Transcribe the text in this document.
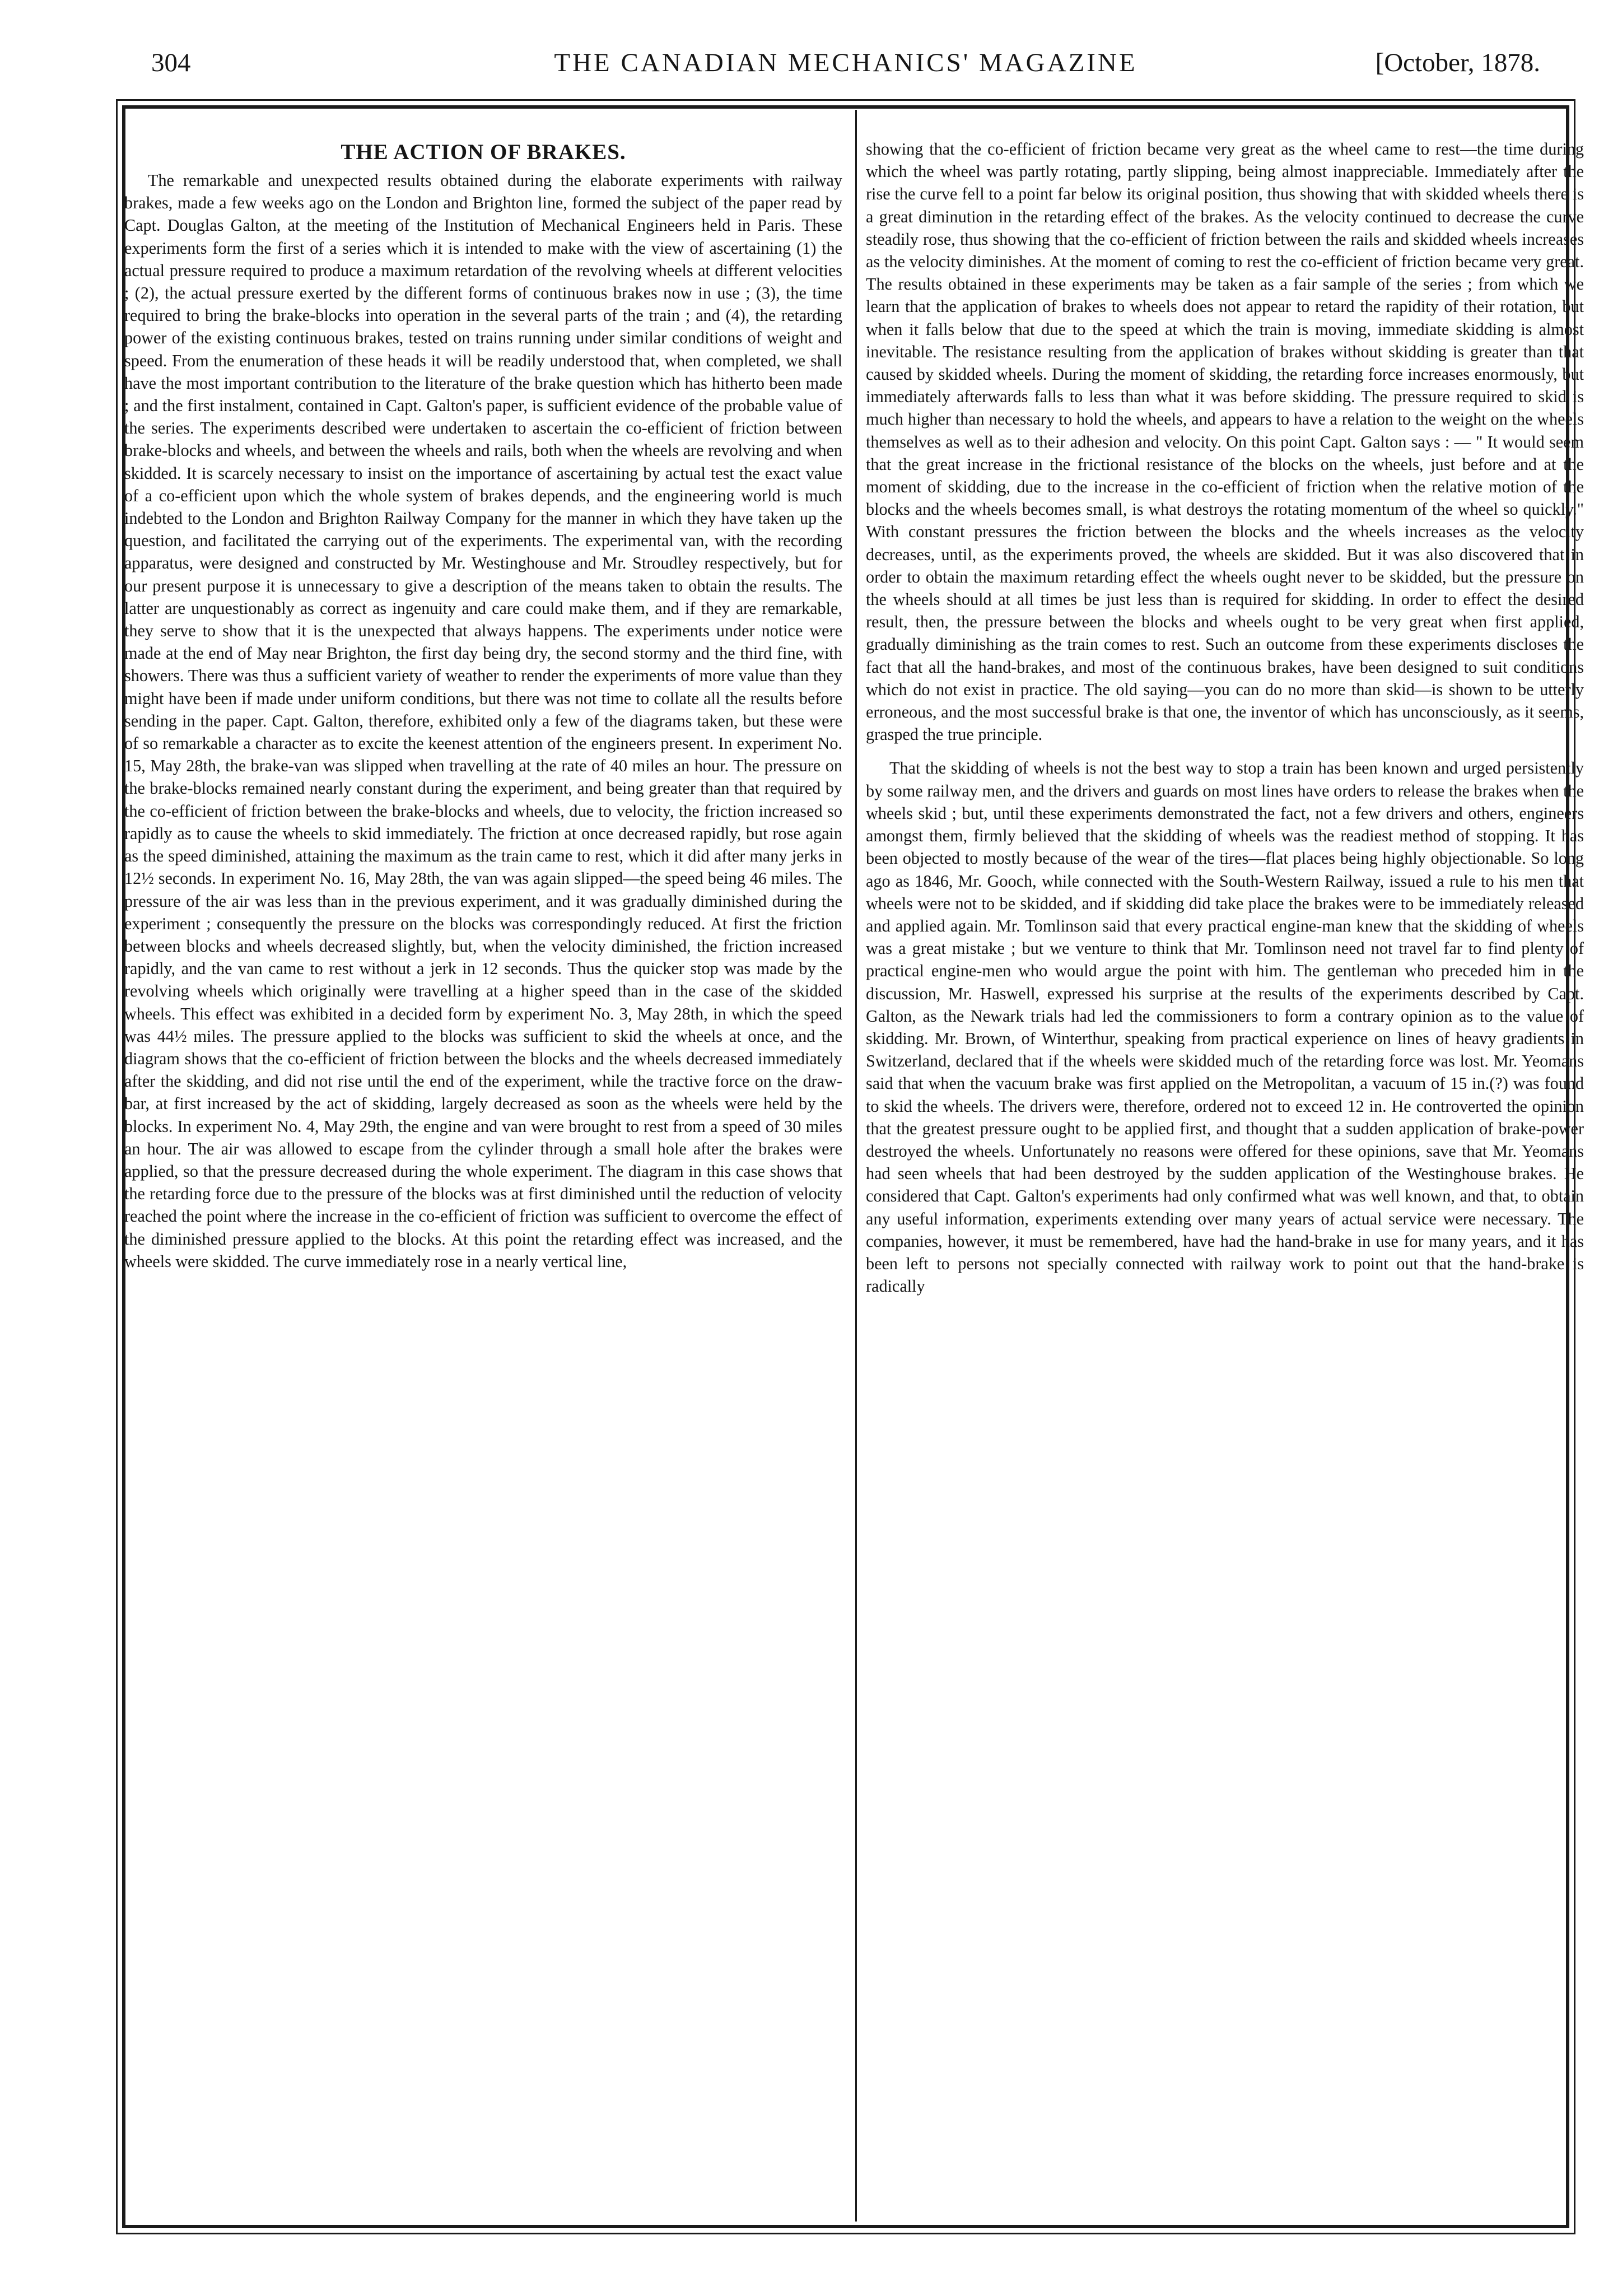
304	THE CANADIAN MECHANICS' MAGAZINE	[October, 1878.
THE ACTION OF BRAKES.

The remarkable and unexpected results obtained during the elaborate experiments with railway brakes, made a few weeks ago on the London and Brighton line, formed the subject of the paper read by Capt. Douglas Galton, at the meeting of the Institution of Mechanical Engineers held in Paris. These experiments form the first of a series which it is intended to make with the view of ascertaining (1) the actual pressure required to produce a maximum retardation of the revolving wheels at different velocities ; (2), the actual pressure exerted by the different forms of continuous brakes now in use ; (3), the time required to bring the brake-blocks into operation in the several parts of the train ; and (4), the retarding power of the existing continuous brakes, tested on trains running under similar conditions of weight and speed. From the enumeration of these heads it will be readily understood that, when completed, we shall have the most important contribution to the literature of the brake question which has hitherto been made ; and the first instalment, contained in Capt. Galton's paper, is sufficient evidence of the probable value of the series. The experiments described were undertaken to ascertain the co-efficient of friction between brake-blocks and wheels, and between the wheels and rails, both when the wheels are revolving and when skidded. It is scarcely necessary to insist on the importance of ascertaining by actual test the exact value of a co-efficient upon which the whole system of brakes depends, and the engineering world is much indebted to the London and Brighton Railway Company for the manner in which they have taken up the question, and facilitated the carrying out of the experiments. The experimental van, with the recording apparatus, were designed and constructed by Mr. Westinghouse and Mr. Stroudley respectively, but for our present purpose it is unnecessary to give a description of the means taken to obtain the results. The latter are unquestionably as correct as ingenuity and care could make them, and if they are remarkable, they serve to show that it is the unexpected that always happens. The experiments under notice were made at the end of May near Brighton, the first day being dry, the second stormy and the third fine, with showers. There was thus a sufficient variety of weather to render the experiments of more value than they might have been if made under uniform conditions, but there was not time to collate all the results before sending in the paper. Capt. Galton, therefore, exhibited only a few of the diagrams taken, but these were of so remarkable a character as to excite the keenest attention of the engineers present. In experiment No. 15, May 28th, the brake-van was slipped when travelling at the rate of 40 miles an hour. The pressure on the brake-blocks remained nearly constant during the experiment, and being greater than that required by the co-efficient of friction between the brake-blocks and wheels, due to velocity, the friction increased so rapidly as to cause the wheels to skid immediately. The friction at once decreased rapidly, but rose again as the speed diminished, attaining the maximum as the train came to rest, which it did after many jerks in 12½ seconds. In experiment No. 16, May 28th, the van was again slipped—the speed being 46 miles. The pressure of the air was less than in the previous experiment, and it was gradually diminished during the experiment ; consequently the pressure on the blocks was correspondingly reduced. At first the friction between blocks and wheels decreased slightly, but, when the velocity diminished, the friction increased rapidly, and the van came to rest without a jerk in 12 seconds. Thus the quicker stop was made by the revolving wheels which originally were travelling at a higher speed than in the case of the skidded wheels. This effect was exhibited in a decided form by experiment No. 3, May 28th, in which the speed was 44½ miles. The pressure applied to the blocks was sufficient to skid the wheels at once, and the diagram shows that the co-efficient of friction between the blocks and the wheels decreased immediately after the skidding, and did not rise until the end of the experiment, while the tractive force on the draw-bar, at first increased by the act of skidding, largely decreased as soon as the wheels were held by the blocks. In experiment No. 4, May 29th, the engine and van were brought to rest from a speed of 30 miles an hour. The air was allowed to escape from the cylinder through a small hole after the brakes were applied, so that the pressure decreased during the whole experiment. The diagram in this case shows that the retarding force due to the pressure of the blocks was at first diminished until the reduction of velocity reached the point where the increase in the co-efficient of friction was sufficient to overcome the effect of the diminished pressure applied to the blocks. At this point the retarding effect was increased, and the wheels were skidded. The curve immediately rose in a nearly vertical line,

showing that the co-efficient of friction became very great as the wheel came to rest—the time during which the wheel was partly rotating, partly slipping, being almost inappreciable. Immediately after the rise the curve fell to a point far below its original position, thus showing that with skidded wheels there is a great diminution in the retarding effect of the brakes. As the velocity continued to decrease the curve steadily rose, thus showing that the co-efficient of friction between the rails and skidded wheels increases as the velocity diminishes. At the moment of coming to rest the co-efficient of friction became very great. The results obtained in these experiments may be taken as a fair sample of the series ; from which we learn that the application of brakes to wheels does not appear to retard the rapidity of their rotation, but when it falls below that due to the speed at which the train is moving, immediate skidding is almost inevitable. The resistance resulting from the application of brakes without skidding is greater than that caused by skidded wheels. During the moment of skidding, the retarding force increases enormously, but immediately afterwards falls to less than what it was before skidding. The pressure required to skid is much higher than necessary to hold the wheels, and appears to have a relation to the weight on the wheels themselves as well as to their adhesion and velocity. On this point Capt. Galton says : — " It would seem that the great increase in the frictional resistance of the blocks on the wheels, just before and at the moment of skidding, due to the increase in the co-efficient of friction when the relative motion of the blocks and the wheels becomes small, is what destroys the rotating momentum of the wheel so quickly." With constant pressures the friction between the blocks and the wheels increases as the velocity decreases, until, as the experiments proved, the wheels are skidded. But it was also discovered that in order to obtain the maximum retarding effect the wheels ought never to be skidded, but the pressure on the wheels should at all times be just less than is required for skidding. In order to effect the desired result, then, the pressure between the blocks and wheels ought to be very great when first applied, gradually diminishing as the train comes to rest. Such an outcome from these experiments discloses the fact that all the hand-brakes, and most of the continuous brakes, have been designed to suit conditions which do not exist in practice. The old saying—you can do no more than skid—is shown to be utterly erroneous, and the most successful brake is that one, the inventor of which has unconsciously, as it seems, grasped the true principle.

That the skidding of wheels is not the best way to stop a train has been known and urged persistently by some railway men, and the drivers and guards on most lines have orders to release the brakes when the wheels skid ; but, until these experiments demonstrated the fact, not a few drivers and others, engineers amongst them, firmly believed that the skidding of wheels was the readiest method of stopping. It has been objected to mostly because of the wear of the tires—flat places being highly objectionable. So long ago as 1846, Mr. Gooch, while connected with the South-Western Railway, issued a rule to his men that wheels were not to be skidded, and if skidding did take place the brakes were to be immediately released and applied again. Mr. Tomlinson said that every practical engine-man knew that the skidding of wheels was a great mistake ; but we venture to think that Mr. Tomlinson need not travel far to find plenty of practical engine-men who would argue the point with him. The gentleman who preceded him in the discussion, Mr. Haswell, expressed his surprise at the results of the experiments described by Capt. Galton, as the Newark trials had led the commissioners to form a contrary opinion as to the value of skidding. Mr. Brown, of Winterthur, speaking from practical experience on lines of heavy gradients in Switzerland, declared that if the wheels were skidded much of the retarding force was lost. Mr. Yeomans said that when the vacuum brake was first applied on the Metropolitan, a vacuum of 15 in.(?) was found to skid the wheels. The drivers were, therefore, ordered not to exceed 12 in. He controverted the opinion that the greatest pressure ought to be applied first, and thought that a sudden application of brake-power destroyed the wheels. Unfortunately no reasons were offered for these opinions, save that Mr. Yeomans had seen wheels that had been destroyed by the sudden application of the Westinghouse brakes. He considered that Capt. Galton's experiments had only confirmed what was well known, and that, to obtain any useful information, experiments extending over many years of actual service were necessary. The companies, however, it must be remembered, have had the hand-brake in use for many years, and it has been left to persons not specially connected with railway work to point out that the hand-brake is radically
